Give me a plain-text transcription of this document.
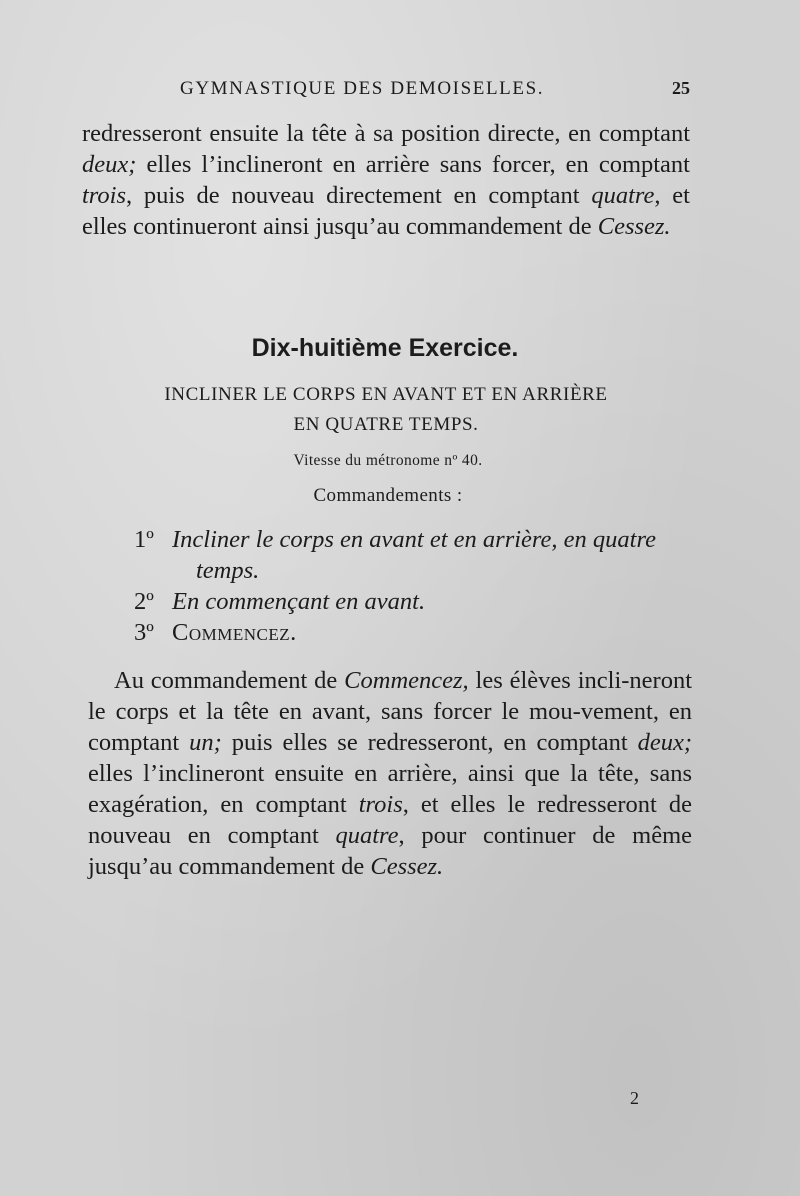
GYMNASTIQUE DES DEMOISELLES.	25

redresseront ensuite la tête à sa position directe, en comptant deux; elles l’inclineront en arrière sans forcer, en comptant trois, puis de nouveau directement en comptant quatre, et elles continueront ainsi jusqu’au commandement de Cessez.

Dix-huitième Exercice.
INCLINER LE CORPS EN AVANT ET EN ARRIÈRE
EN QUATRE TEMPS.
Vitesse du métronome nº 40.
Commandements :
1º Incliner le corps en avant et en arrière, en quatre
temps.
2º En commençant en avant.
3º Commencez.

Au commandement de Commencez, les élèves incli-neront le corps et la tête en avant, sans forcer le mou-vement, en comptant un; puis elles se redresseront, en comptant deux; elles l’inclineront ensuite en arrière, ainsi que la tête, sans exagération, en comptant trois, et elles le redresseront de nouveau en comptant quatre, pour continuer de même jusqu’au commandement de Cessez.

2
